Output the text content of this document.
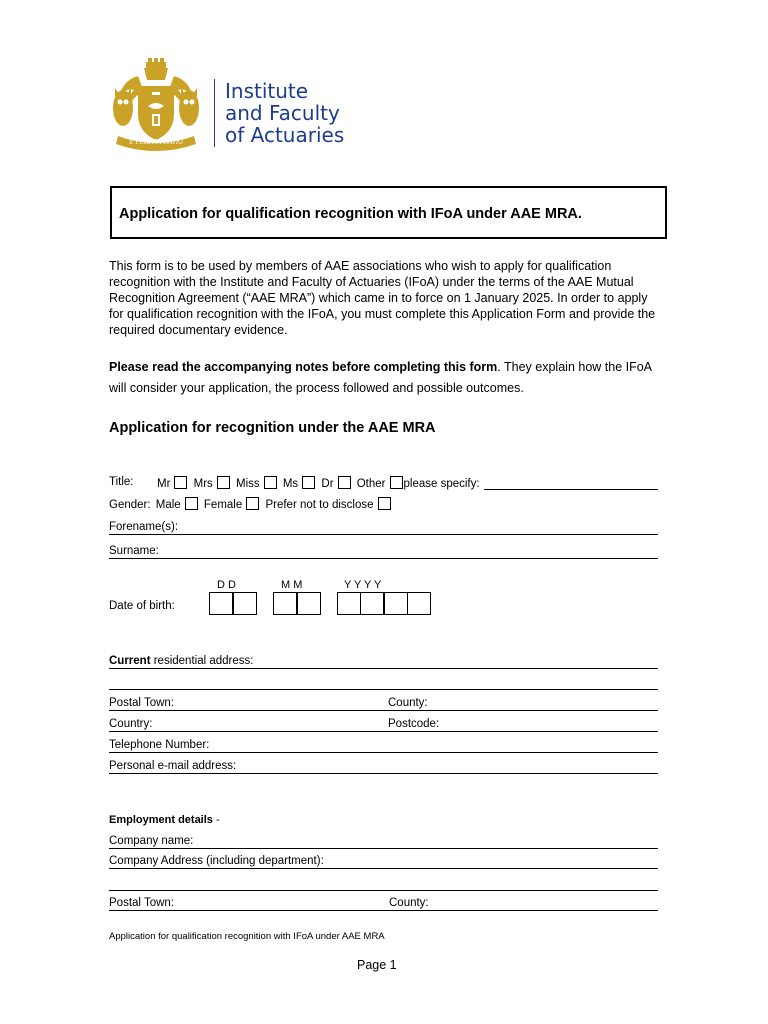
E PERITIA RATIO
Institute
and Faculty
of Actuaries
Application for qualification recognition with IFoA under AAE MRA.
This form is to be used by members of AAE associations who wish to apply for qualification recognition with the Institute and Faculty of Actuaries (IFoA) under the terms of the AAE Mutual Recognition Agreement (“AAE MRA”) which came in to force on 1 January 2025. In order to apply for qualification recognition with the IFoA, you must complete this Application Form and provide the required documentary evidence.
Please read the accompanying notes before completing this form. They explain how the IFoA will consider your application, the process followed and possible outcomes.
Application for recognition under the AAE MRA
Title: Mr Mrs Miss Ms Dr Other please specify:
Gender: Male Female Prefer not to disclose
Forename(s):
Surname:
D D	M M	Y Y Y Y
Date of birth:
Current residential address:
Postal Town:	County:
Country:	Postcode:
Telephone Number:
Personal e-mail address:
Employment details -
Company name:
Company Address (including department):
Postal Town:	County:
Application for qualification recognition with IFoA under AAE MRA
Page 1
